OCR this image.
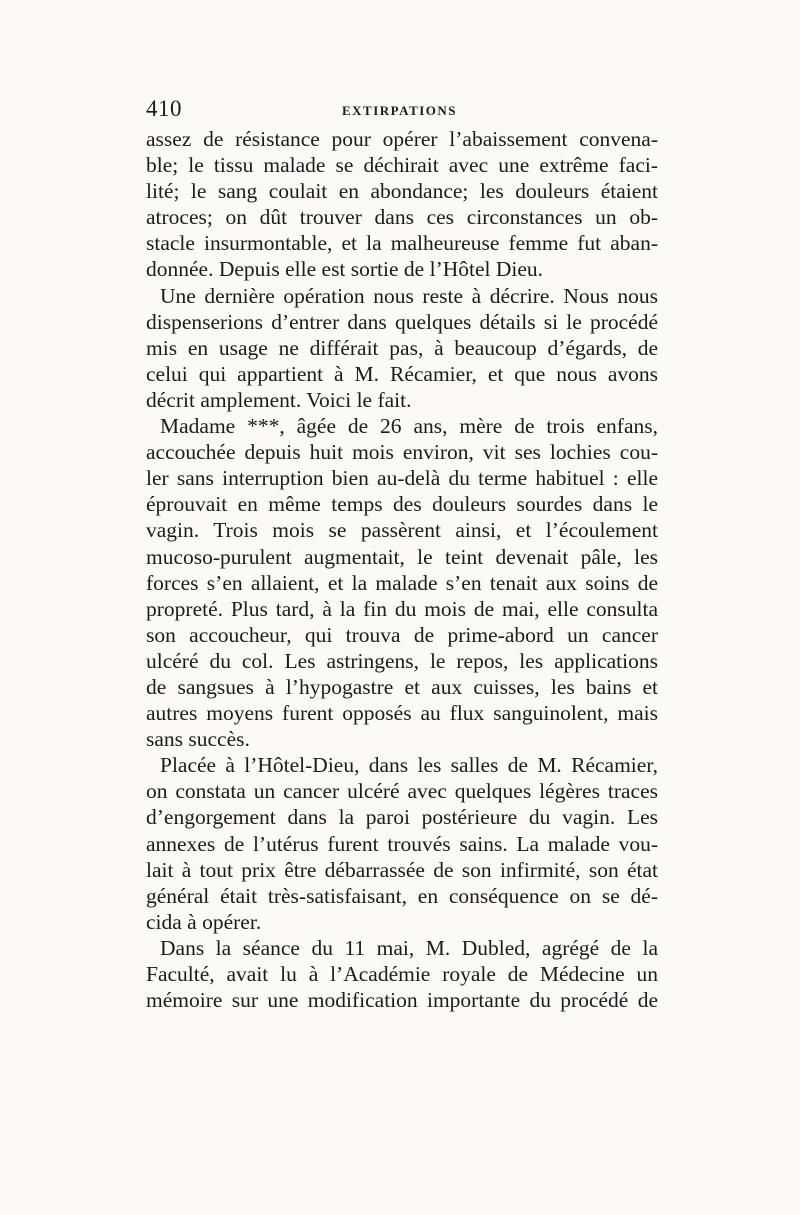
410	EXTIRPATIONS
assez de résistance pour opérer l’abaissement convena-
ble; le tissu malade se déchirait avec une extrême faci-
lité; le sang coulait en abondance; les douleurs étaient
atroces; on dût trouver dans ces circonstances un ob-
stacle insurmontable, et la malheureuse femme fut aban-
donnée. Depuis elle est sortie de l’Hôtel Dieu.
Une dernière opération nous reste à décrire. Nous nous
dispenserions d’entrer dans quelques détails si le procédé
mis en usage ne différait pas, à beaucoup d’égards, de
celui qui appartient à M. Récamier, et que nous avons
décrit amplement. Voici le fait.
Madame ***, âgée de 26 ans, mère de trois enfans,
accouchée depuis huit mois environ, vit ses lochies cou-
ler sans interruption bien au-delà du terme habituel : elle
éprouvait en même temps des douleurs sourdes dans le
vagin. Trois mois se passèrent ainsi, et l’écoulement
mucoso-purulent augmentait, le teint devenait pâle, les
forces s’en allaient, et la malade s’en tenait aux soins de
propreté. Plus tard, à la fin du mois de mai, elle consulta
son accoucheur, qui trouva de prime-abord un cancer
ulcéré du col. Les astringens, le repos, les applications
de sangsues à l’hypogastre et aux cuisses, les bains et
autres moyens furent opposés au flux sanguinolent, mais
sans succès.
Placée à l’Hôtel-Dieu, dans les salles de M. Récamier,
on constata un cancer ulcéré avec quelques légères traces
d’engorgement dans la paroi postérieure du vagin. Les
annexes de l’utérus furent trouvés sains. La malade vou-
lait à tout prix être débarrassée de son infirmité, son état
général était très-satisfaisant, en conséquence on se dé-
cida à opérer.
Dans la séance du 11 mai, M. Dubled, agrégé de la
Faculté, avait lu à l’Académie royale de Médecine un
mémoire sur une modification importante du procédé de
